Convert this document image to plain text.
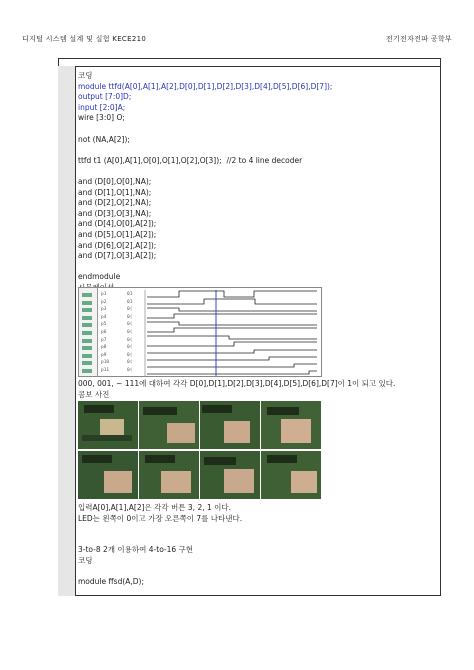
디지털 시스템 설계 및 실험 KECE210	전기전자전파 공학부
코딩
module ttfd(A[0],A[1],A[2],D[0],D[1],D[2],D[3],D[4],D[5],D[6],D[7]);
output [7:0]D;
input [2:0]A;
wire [3:0] O;
not (NA,A[2]);
ttfd t1 (A[0],A[1],O[0],O[1],O[2],O[3]);  //2 to 4 line decoder
and (D[0],O[0],NA);
and (D[1],O[1],NA);
and (D[2],O[2],NA);
and (D[3],O[3],NA);
and (D[4],O[0],A[2]);
and (D[5],O[1],A[2]);
and (D[6],O[2],A[2]);
and (D[7],O[3],A[2]);
endmodule
p1	01
p2	01
p3	0(
p4	0(
p5	0(
p6	0(
p7	0(
p8	0(
p9	0(
p10	0(
p11	0(
000, 001, ~ 111에 대하여 각각 D[0],D[1],D[2],D[3],D[4],D[5],D[6],D[7]이 1이 되고 있다.
콤보 사진
입력A[0],A[1],A[2]은 각각 버튼 3, 2, 1 이다.
LED는 왼쪽이 0이고 가장 오른쪽이 7를 나타낸다.
3-to-8 2개 이용하여 4-to-16 구현
코딩
module ffsd(A,D);
